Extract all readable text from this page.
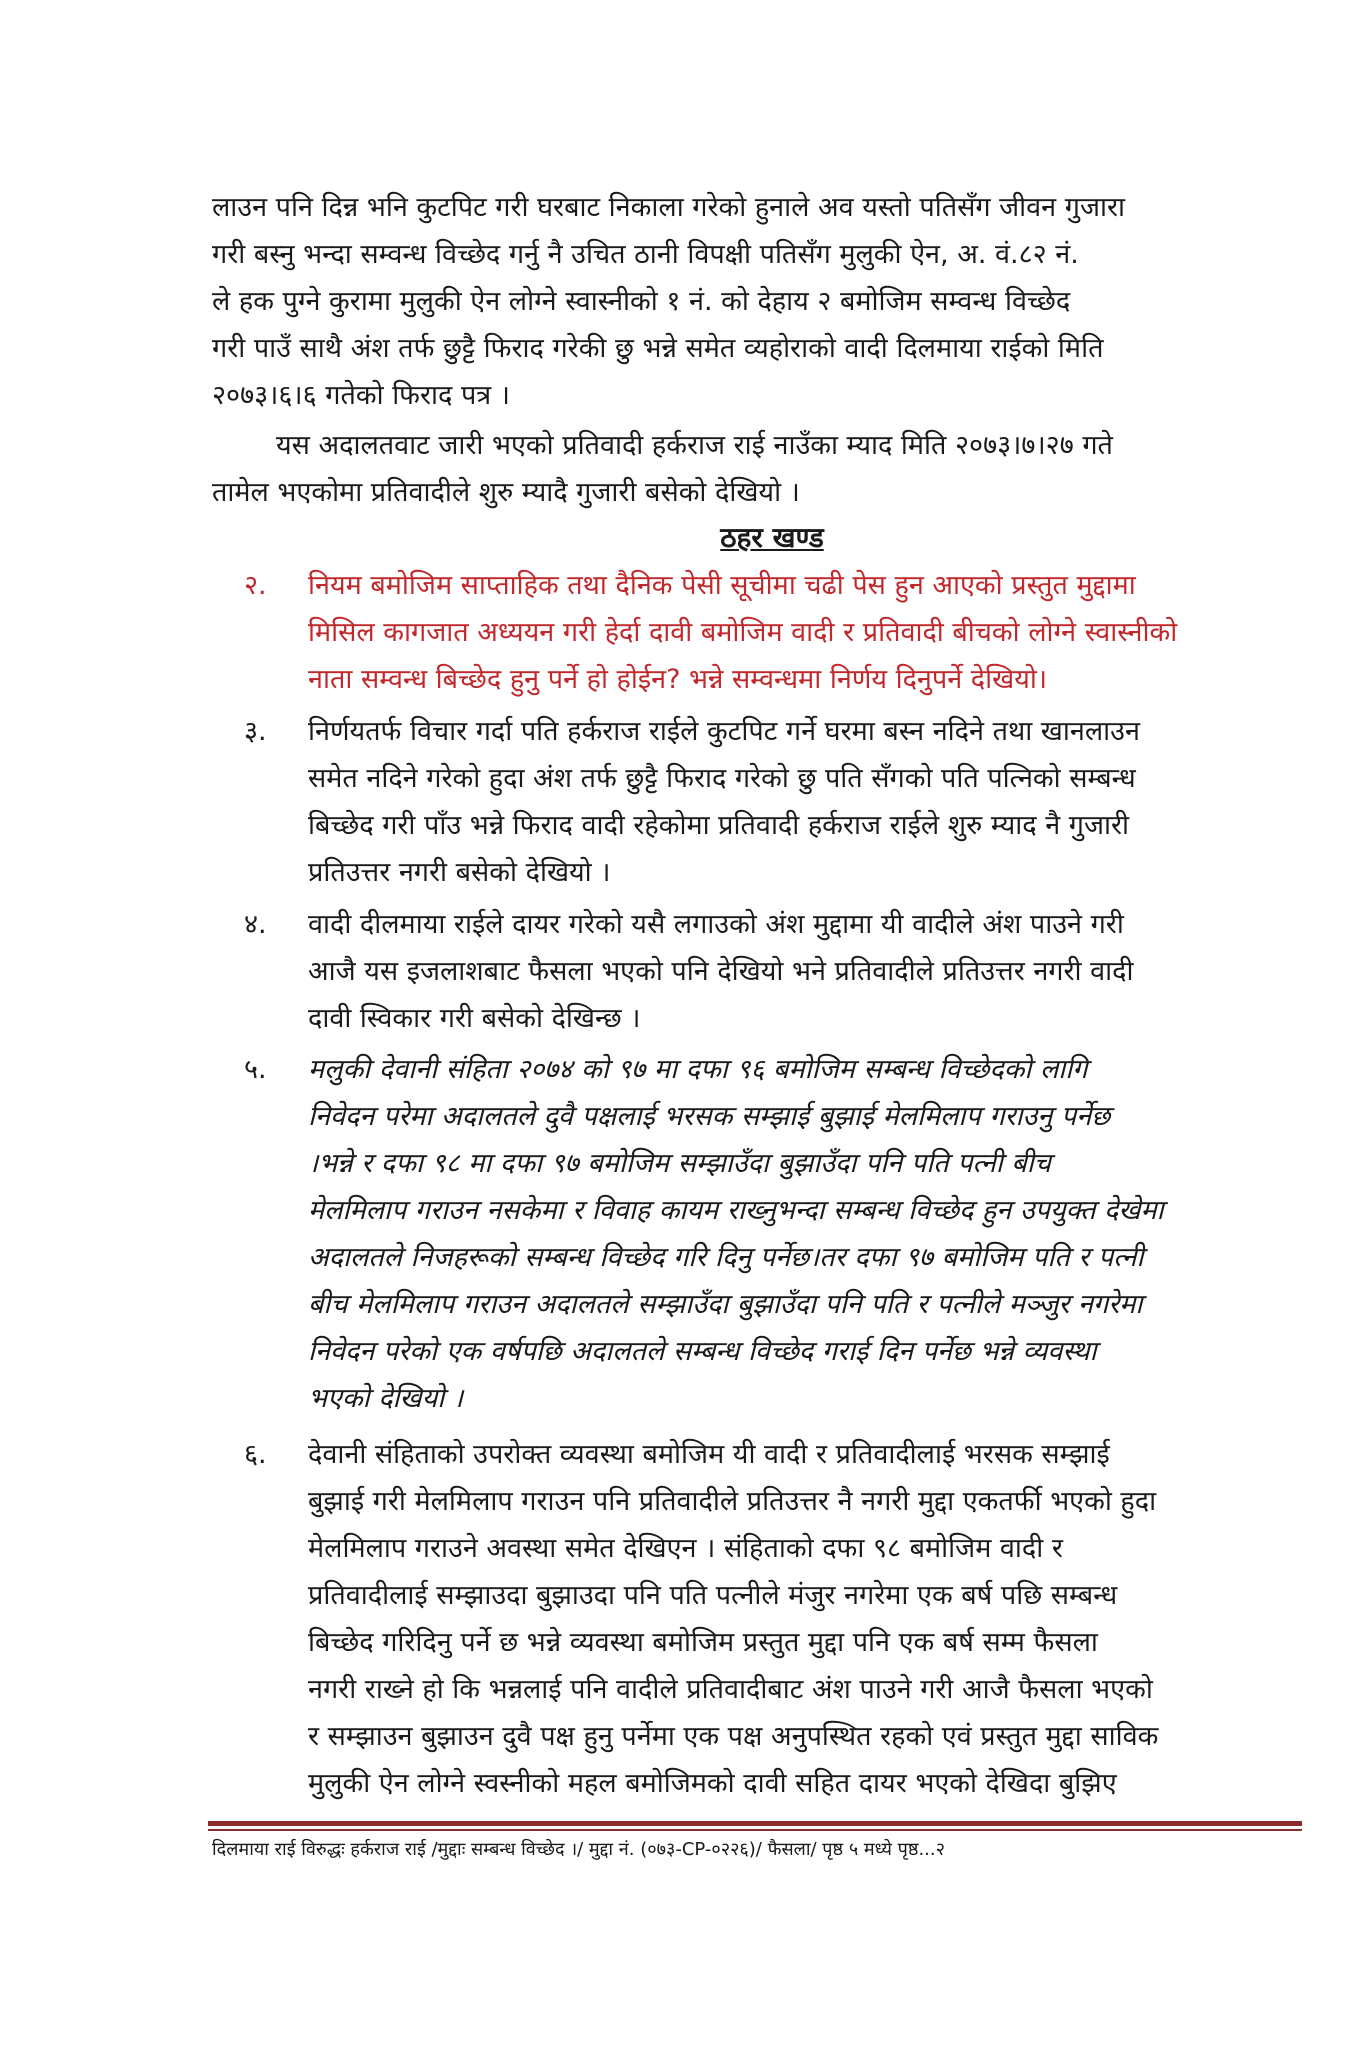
लाउन पनि दिन्न भनि कुटपिट गरी घरबाट निकाला गरेको हुनाले अव यस्तो पतिसँग जीवन गुजारा
गरी बस्नु भन्दा सम्वन्ध विच्छेद गर्नु नै उचित ठानी विपक्षी पतिसँग मुलुकी ऐन, अ. वं.८२ नं.
ले हक पुग्ने कुरामा मुलुकी ऐन लोग्ने स्वास्नीको १ नं. को देहाय २ बमोजिम सम्वन्ध विच्छेद
गरी पाउँ साथै अंश तर्फ छुट्टै फिराद गरेकी छु भन्ने समेत व्यहोराको वादी दिलमाया राईको मिति
२०७३।६।६ गतेको फिराद पत्र ।
यस अदालतवाट जारी भएको प्रतिवादी हर्कराज राई नाउँका म्याद मिति २०७३।७।२७ गते
तामेल भएकोमा प्रतिवादीले शुरु म्यादै गुजारी बसेको देखियो ।
ठहर खण्ड
२. नियम बमोजिम साप्ताहिक तथा दैनिक पेसी सूचीमा चढी पेस हुन आएको प्रस्तुत मुद्दामा
मिसिल कागजात अध्ययन गरी हेर्दा दावी बमोजिम वादी र प्रतिवादी बीचको लोग्ने स्वास्नीको
नाता सम्वन्ध बिच्छेद हुनु पर्ने हो होईन? भन्ने सम्वन्धमा निर्णय दिनुपर्ने देखियो।
३. निर्णयतर्फ विचार गर्दा पति हर्कराज राईले कुटपिट गर्ने घरमा बस्न नदिने तथा खानलाउन
समेत नदिने गरेको हुदा अंश तर्फ छुट्टै फिराद गरेको छु पति सँगको पति पत्निको सम्बन्ध
बिच्छेद गरी पाँउ भन्ने फिराद वादी रहेकोमा प्रतिवादी हर्कराज राईले शुरु म्याद नै गुजारी
प्रतिउत्तर नगरी बसेको देखियो ।
४. वादी दीलमाया राईले दायर गरेको यसै लगाउको अंश मुद्दामा यी वादीले अंश पाउने गरी
आजै यस इजलाशबाट फैसला भएको पनि देखियो भने प्रतिवादीले प्रतिउत्तर नगरी वादी
दावी स्विकार गरी बसेको देखिन्छ ।
५. मलुकी देवानी संहिता २०७४ को ९७ मा दफा ९६ बमोजिम सम्बन्ध विच्छेदको लागि
निवेदन परेमा अदालतले दुवै पक्षलाई भरसक सम्झाई बुझाई मेलमिलाप गराउनु पर्नेछ
।भन्ने र दफा ९८ मा दफा ९७ बमोजिम सम्झाउँदा बुझाउँदा पनि पति पत्नी बीच
मेलमिलाप गराउन नसकेमा र विवाह कायम राख्नुभन्दा सम्बन्ध विच्छेद हुन उपयुक्त देखेमा
अदालतले निजहरूको सम्बन्ध विच्छेद गरि दिनु पर्नेछ।तर दफा ९७ बमोजिम पति र पत्नी
बीच मेलमिलाप गराउन अदालतले सम्झाउँदा बुझाउँदा पनि पति र पत्नीले मञ्जुर नगरेमा
निवेदन परेको एक वर्षपछि अदालतले सम्बन्ध विच्छेद गराई दिन पर्नेछ भन्ने व्यवस्था
भएको देखियो ।
६. देवानी संहिताको उपरोक्त व्यवस्था बमोजिम यी वादी र प्रतिवादीलाई भरसक सम्झाई
बुझाई गरी मेलमिलाप गराउन पनि प्रतिवादीले प्रतिउत्तर नै नगरी मुद्दा एकतर्फी भएको हुदा
मेलमिलाप गराउने अवस्था समेत देखिएन । संहिताको दफा ९८ बमोजिम वादी र
प्रतिवादीलाई सम्झाउदा बुझाउदा पनि पति पत्नीले मंजुर नगरेमा एक बर्ष पछि सम्बन्ध
बिच्छेद गरिदिनु पर्ने छ भन्ने व्यवस्था बमोजिम प्रस्तुत मुद्दा पनि एक बर्ष सम्म फैसला
नगरी राख्ने हो कि भन्नलाई पनि वादीले प्रतिवादीबाट अंश पाउने गरी आजै फैसला भएको
र सम्झाउन बुझाउन दुवै पक्ष हुनु पर्नेमा एक पक्ष अनुपस्थित रहको एवं प्रस्तुत मुद्दा साविक
मुलुकी ऐन लोग्ने स्वस्नीको महल बमोजिमको दावी सहित दायर भएको देखिदा बुझिए
दिलमाया राई विरुद्धः हर्कराज राई /मुद्दाः सम्बन्ध विच्छेद ।/ मुद्दा नं. (०७३-CP-०२२६)/ फैसला/ पृष्ठ ५ मध्ये पृष्ठ...२
